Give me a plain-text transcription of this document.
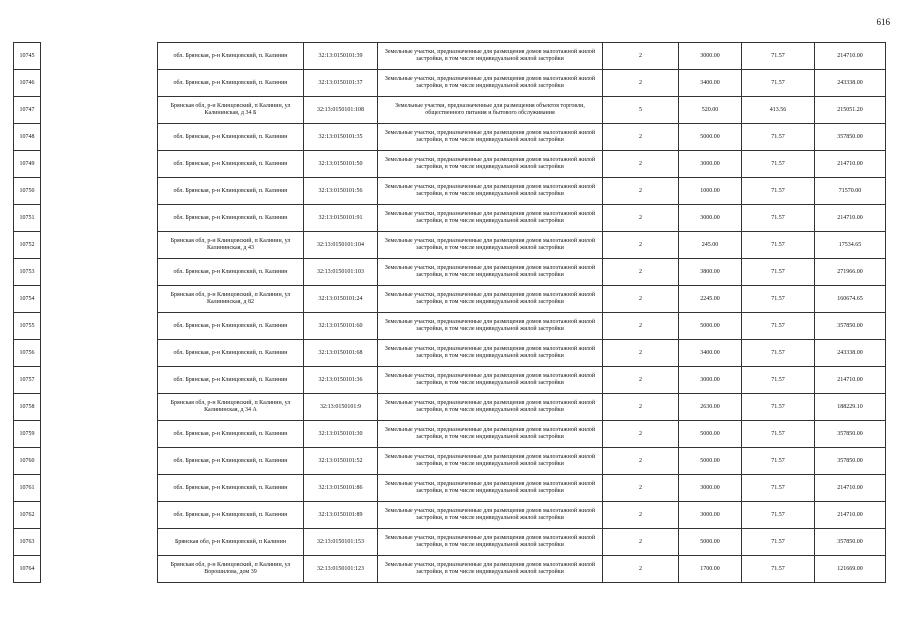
616
10745		обл. Брянская, р-н Клинцовский, п. Калинин	32:13:0150101:39	Земельные участки, предназначенные для размещения домов малоэтажной жилой застройки, в том числе индивидуальной жилой застройки	2	3000.00	71.57	214710.00
10746		обл. Брянская, р-н Клинцовский, п. Калинин	32:13:0150101:37	Земельные участки, предназначенные для размещения домов малоэтажной жилой застройки, в том числе индивидуальной жилой застройки	2	3400.00	71.57	243338.00
10747		Брянская обл, р-н Клинцовский, п Калинин, ул Калининская, д 34 Б	32:13:0150101:108	Земельные участки, предназначенные для размещения объектов торговли, общественного питания и бытового обслуживания	5	520.00	413.56	215051.20
10748		обл. Брянская, р-н Клинцовский, п. Калинин	32:13:0150101:35	Земельные участки, предназначенные для размещения домов малоэтажной жилой застройки, в том числе индивидуальной жилой застройки	2	5000.00	71.57	357850.00
10749		обл. Брянская, р-н Клинцовский, п. Калинин	32:13:0150101:50	Земельные участки, предназначенные для размещения домов малоэтажной жилой застройки, в том числе индивидуальной жилой застройки	2	3000.00	71.57	214710.00
10750		обл. Брянская, р-н Клинцовский, п. Калинин	32:13:0150101:56	Земельные участки, предназначенные для размещения домов малоэтажной жилой застройки, в том числе индивидуальной жилой застройки	2	1000.00	71.57	71570.00
10751		обл. Брянская, р-н Клинцовский, п. Калинин	32:13:0150101:91	Земельные участки, предназначенные для размещения домов малоэтажной жилой застройки, в том числе индивидуальной жилой застройки	2	3000.00	71.57	214710.00
10752		Брянская обл, р-н Клинцовский, п Калинин, ул Калининская, д 43	32:13:0150101:104	Земельные участки, предназначенные для размещения домов малоэтажной жилой застройки, в том числе индивидуальной жилой застройки	2	245.00	71.57	17534.65
10753		обл. Брянская, р-н Клинцовский, п. Калинин	32:13:0150101:103	Земельные участки, предназначенные для размещения домов малоэтажной жилой застройки, в том числе индивидуальной жилой застройки	2	3800.00	71.57	271966.00
10754		Брянская обл, р-н Клинцовский, п Калинин, ул Калининская, д 82	32:13:0150101:24	Земельные участки, предназначенные для размещения домов малоэтажной жилой застройки, в том числе индивидуальной жилой застройки	2	2245.00	71.57	160674.65
10755		обл. Брянская, р-н Клинцовский, п. Калинин	32:13:0150101:60	Земельные участки, предназначенные для размещения домов малоэтажной жилой застройки, в том числе индивидуальной жилой застройки	2	5000.00	71.57	357850.00
10756		обл. Брянская, р-н Клинцовский, п. Калинин	32:13:0150101:68	Земельные участки, предназначенные для размещения домов малоэтажной жилой застройки, в том числе индивидуальной жилой застройки	2	3400.00	71.57	243338.00
10757		обл. Брянская, р-н Клинцовский, п. Калинин	32:13:0150101:36	Земельные участки, предназначенные для размещения домов малоэтажной жилой застройки, в том числе индивидуальной жилой застройки	2	3000.00	71.57	214710.00
10758		Брянская обл, р-н Клинцовский, п Калинин, ул Калининская, д 34 А	32:13:0150101:9	Земельные участки, предназначенные для размещения домов малоэтажной жилой застройки, в том числе индивидуальной жилой застройки	2	2630.00	71.57	188229.10
10759		обл. Брянская, р-н Клинцовский, п. Калинин	32:13:0150101:30	Земельные участки, предназначенные для размещения домов малоэтажной жилой застройки, в том числе индивидуальной жилой застройки	2	5000.00	71.57	357850.00
10760		обл. Брянская, р-н Клинцовский, п. Калинин	32:13:0150101:52	Земельные участки, предназначенные для размещения домов малоэтажной жилой застройки, в том числе индивидуальной жилой застройки	2	5000.00	71.57	357850.00
10761		обл. Брянская, р-н Клинцовский, п. Калинин	32:13:0150101:86	Земельные участки, предназначенные для размещения домов малоэтажной жилой застройки, в том числе индивидуальной жилой застройки	2	3000.00	71.57	214710.00
10762		обл. Брянская, р-н Клинцовский, п. Калинин	32:13:0150101:89	Земельные участки, предназначенные для размещения домов малоэтажной жилой застройки, в том числе индивидуальной жилой застройки	2	3000.00	71.57	214710.00
10763		Брянская обл, р-н Клинцовский, п Калинин	32:13:0150101:153	Земельные участки, предназначенные для размещения домов малоэтажной жилой застройки, в том числе индивидуальной жилой застройки	2	5000.00	71.57	357850.00
10764		Брянская обл, р-н Клинцовский, п Калинин, ул Ворошилова, дом 39	32:13:0150101:123	Земельные участки, предназначенные для размещения домов малоэтажной жилой застройки, в том числе индивидуальной жилой застройки	2	1700.00	71.57	121669.00
